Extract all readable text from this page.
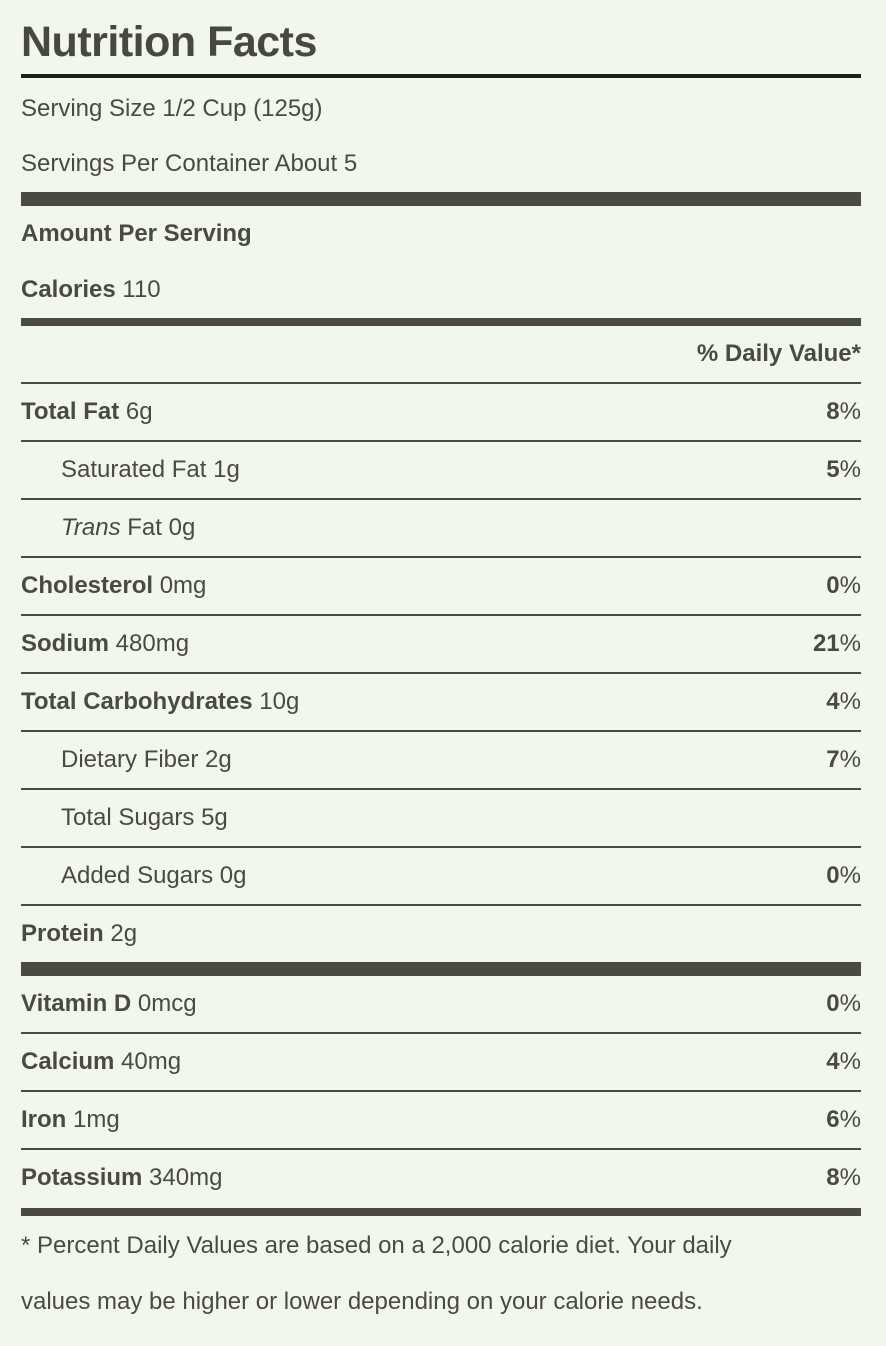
Nutrition Facts
Serving Size 1/2 Cup (125g)
Servings Per Container About 5
Amount Per Serving
Calories 110
% Daily Value*
Total Fat 6g	8%
Saturated Fat 1g	5%
Trans Fat 0g
Cholesterol 0mg	0%
Sodium 480mg	21%
Total Carbohydrates 10g	4%
Dietary Fiber 2g	7%
Total Sugars 5g
Added Sugars 0g	0%
Protein 2g
Vitamin D 0mcg	0%
Calcium 40mg	4%
Iron 1mg	6%
Potassium 340mg	8%
* Percent Daily Values are based on a 2,000 calorie diet. Your daily
values may be higher or lower depending on your calorie needs.
